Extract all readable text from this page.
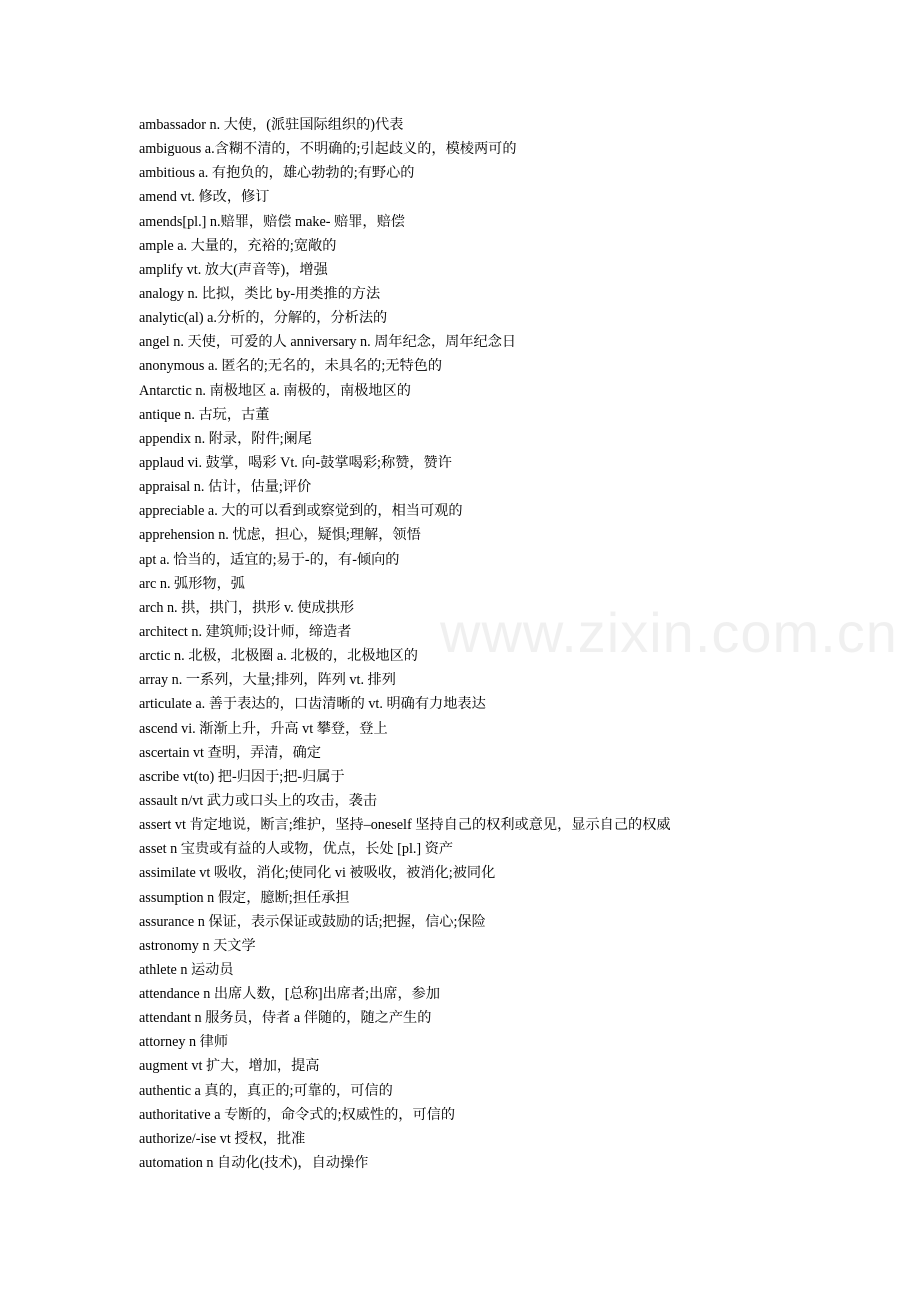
www.zixin.com.cn
ambassador n. 大使，(派驻国际组织的)代表
ambiguous a.含糊不清的，不明确的;引起歧义的，模棱两可的
ambitious a. 有抱负的，雄心勃勃的;有野心的
amend vt. 修改，修订
amends[pl.] n.赔罪，赔偿 make- 赔罪，赔偿
ample a. 大量的，充裕的;宽敞的
amplify vt. 放大(声音等)，增强
analogy n. 比拟，类比 by-用类推的方法
analytic(al) a.分析的，分解的，分析法的
angel n. 天使，可爱的人 anniversary n. 周年纪念，周年纪念日
anonymous a. 匿名的;无名的，未具名的;无特色的
Antarctic n. 南极地区 a. 南极的，南极地区的
antique n. 古玩，古董
appendix n. 附录，附件;阑尾
applaud vi. 鼓掌，喝彩 Vt. 向-鼓掌喝彩;称赞，赞许
appraisal n. 估计，估量;评价
appreciable a. 大的可以看到或察觉到的，相当可观的
apprehension n. 忧虑，担心，疑惧;理解，领悟
apt a. 恰当的，适宜的;易于-的，有-倾向的
arc n. 弧形物，弧
arch n. 拱，拱门，拱形 v. 使成拱形
architect n. 建筑师;设计师，缔造者
arctic n. 北极，北极圈 a. 北极的，北极地区的
array n. 一系列，大量;排列，阵列 vt. 排列
articulate a. 善于表达的，口齿清晰的 vt. 明确有力地表达
ascend vi. 渐渐上升，升高 vt 攀登，登上
ascertain vt 查明，弄清，确定
ascribe vt(to) 把-归因于;把-归属于
assault n/vt 武力或口头上的攻击，袭击
assert vt 肯定地说，断言;维护，坚持–oneself 坚持自己的权利或意见，显示自己的权威
asset n 宝贵或有益的人或物，优点，长处 [pl.] 资产
assimilate vt 吸收，消化;使同化 vi 被吸收，被消化;被同化
assumption n 假定，臆断;担任承担
assurance n 保证，表示保证或鼓励的话;把握，信心;保险
astronomy n 天文学
athlete n 运动员
attendance n 出席人数，[总称]出席者;出席，参加
attendant n 服务员，侍者 a 伴随的，随之产生的
attorney n 律师
augment vt 扩大，增加，提高
authentic a 真的，真正的;可靠的，可信的
authoritative a 专断的，命令式的;权威性的，可信的
authorize/-ise vt 授权，批准
automation n 自动化(技术)，自动操作
